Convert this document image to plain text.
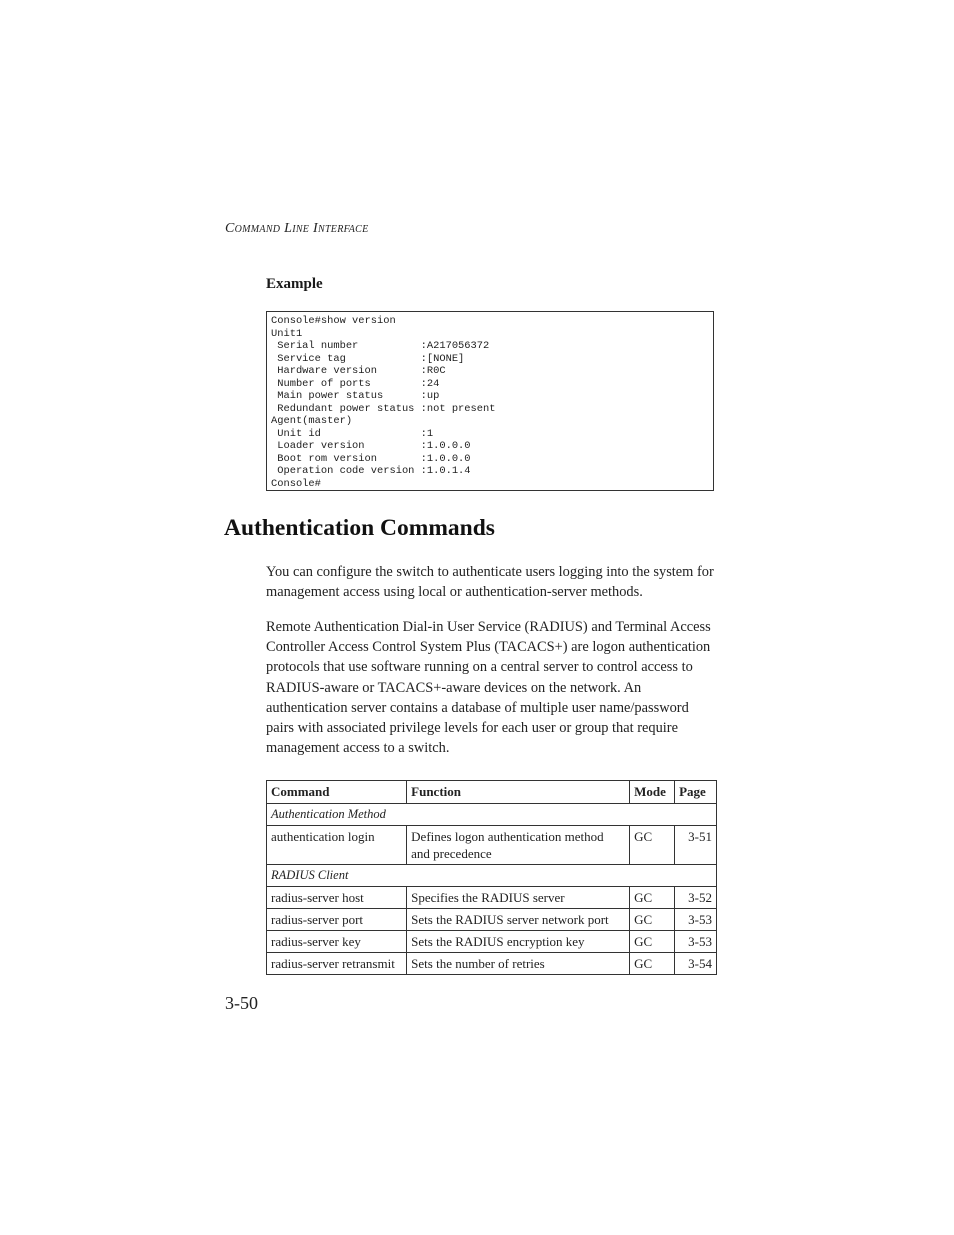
Command Line Interface
Example
Console#show version
Unit1
Serial number          :A217056372
Service tag            :[NONE]
Hardware version       :R0C
Number of ports        :24
Main power status      :up
Redundant power status :not present
Agent(master)
Unit id                :1
Loader version         :1.0.0.0
Boot rom version       :1.0.0.0
Operation code version :1.0.1.4
Console#
Authentication Commands
You can configure the switch to authenticate users logging into the system for management access using local or authentication-server methods.
Remote Authentication Dial-in User Service (RADIUS) and Terminal Access Controller Access Control System Plus (TACACS+) are logon authentication protocols that use software running on a central server to control access to RADIUS-aware or TACACS+-aware devices on the network. An authentication server contains a database of multiple user name/password pairs with associated privilege levels for each user or group that require management access to a switch.
Command	Function	Mode	Page
Authentication Method			
authentication login	Defines logon authentication method and precedence	GC	3-51
RADIUS Client			
radius-server host	Specifies the RADIUS server	GC	3-52
radius-server port	Sets the RADIUS server network port	GC	3-53
radius-server key	Sets the RADIUS encryption key	GC	3-53
radius-server retransmit	Sets the number of retries	GC	3-54
3-50
